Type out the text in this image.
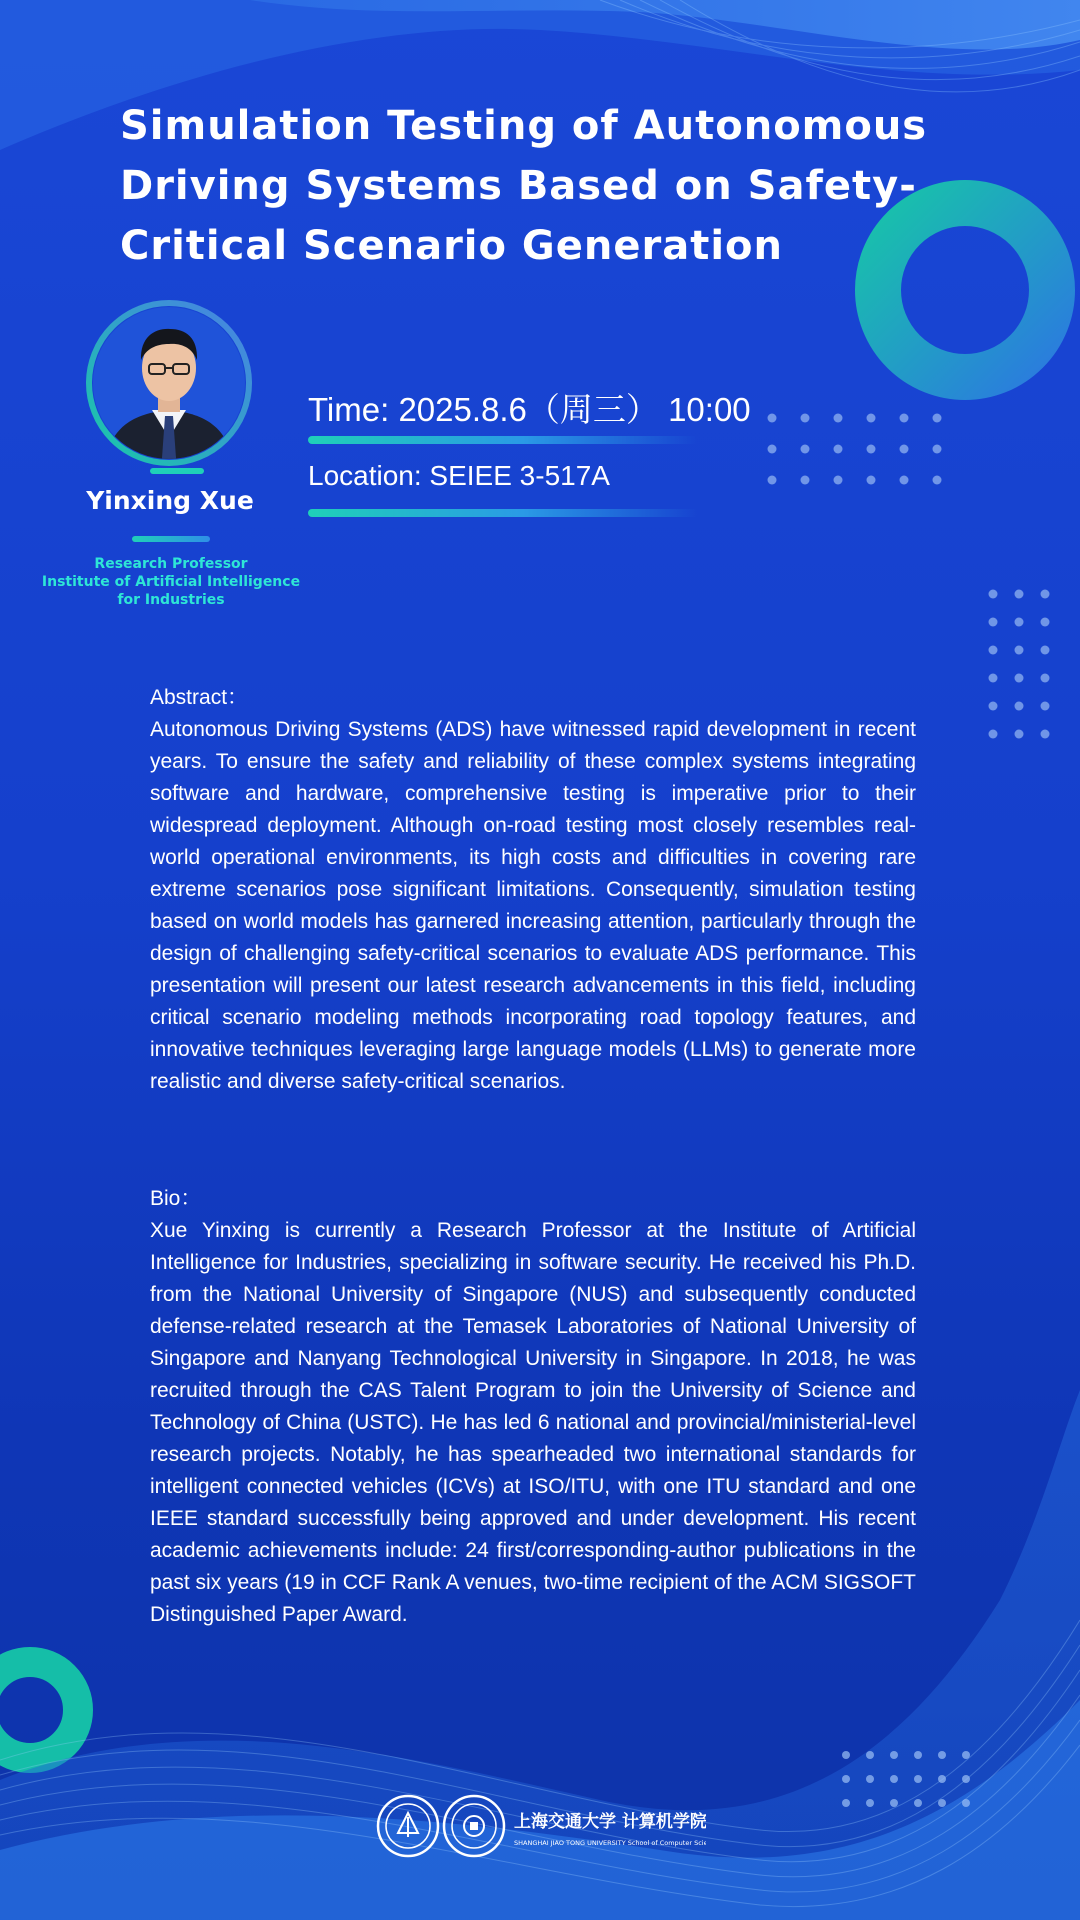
Simulation Testing of Autonomous Driving Systems Based on Safety-Critical Scenario Generation
Yinxing Xue
Research Professor
Institute of Artificial Intelligence
for Industries
Time: 2025.8.6（周三） 10:00
Location: SEIEE 3-517A
Abstract：
Autonomous Driving Systems (ADS) have witnessed rapid development in recent years. To ensure the safety and reliability of these complex systems integrating software and hardware, comprehensive testing is imperative prior to their widespread deployment. Although on-road testing most closely resembles real-world operational environments, its high costs and difficulties in covering rare extreme scenarios pose significant limitations. Consequently, simulation testing based on world models has garnered increasing attention, particularly through the design of challenging safety-critical scenarios to evaluate ADS performance. This presentation will present our latest research advancements in this field, including critical scenario modeling methods incorporating road topology features, and innovative techniques leveraging large language models (LLMs) to generate more realistic and diverse safety-critical scenarios.
Bio：
Xue Yinxing is currently a Research Professor at the Institute of Artificial Intelligence for Industries, specializing in software security. He received his Ph.D. from the National University of Singapore (NUS) and subsequently conducted defense-related research at the Temasek Laboratories of National University of Singapore and Nanyang Technological University in Singapore. In 2018, he was recruited through the CAS Talent Program to join the University of Science and Technology of China (USTC). He has led 6 national and provincial/ministerial-level research projects. Notably, he has spearheaded two international standards for intelligent connected vehicles (ICVs) at ISO/ITU, with one ITU standard and one IEEE standard successfully being approved and under development. His recent academic achievements include: 24 first/corresponding-author publications in the past six years (19 in CCF Rank A venues, two-time recipient of the ACM SIGSOFT Distinguished Paper Award.
上海交通大学 计算机学院
SHANGHAI JIAO TONG UNIVERSITY School of Computer Science
